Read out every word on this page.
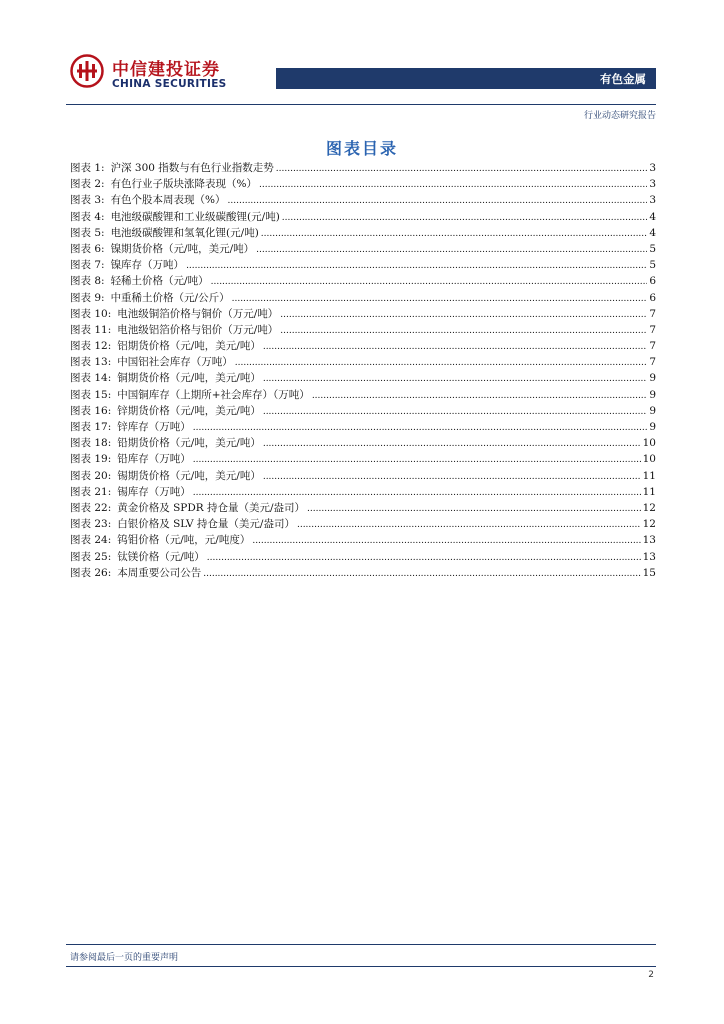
中信建投证券
CHINA SECURITIES	有色金属
行业动态研究报告
图表目录
图表 1: 沪深 300 指数与有色行业指数走势 .....	3
图表 2: 有色行业子版块涨降表现（%） .....	3
图表 3: 有色个股本周表现（%） .....	3
图表 4: 电池级碳酸锂和工业级碳酸锂(元/吨) .....	4
图表 5: 电池级碳酸锂和氢氧化锂(元/吨) .....	4
图表 6: 镍期货价格（元/吨，美元/吨） .....	5
图表 7: 镍库存（万吨） .....	5
图表 8: 轻稀土价格（元/吨） .....	6
图表 9: 中重稀土价格（元/公斤） .....	6
图表 10: 电池级铜箔价格与铜价（万元/吨） .....	7
图表 11: 电池级铝箔价格与铝价（万元/吨） .....	7
图表 12: 铝期货价格（元/吨，美元/吨） .....	7
图表 13: 中国铝社会库存（万吨） .....	7
图表 14: 铜期货价格（元/吨，美元/吨） .....	9
图表 15: 中国铜库存（上期所+社会库存）（万吨） .....	9
图表 16: 锌期货价格（元/吨，美元/吨） .....	9
图表 17: 锌库存（万吨） .....	9
图表 18: 铅期货价格（元/吨，美元/吨） .....	10
图表 19: 铅库存（万吨） .....	10
图表 20: 锡期货价格（元/吨，美元/吨） .....	11
图表 21: 锡库存（万吨） .....	11
图表 22: 黄金价格及 SPDR 持仓量（美元/盎司） .....	12
图表 23: 白银价格及 SLV 持仓量（美元/盎司） .....	12
图表 24: 钨钼价格（元/吨，元/吨度） .....	13
图表 25: 钛镁价格（元/吨） .....	13
图表 26: 本周重要公司公告 .....	15
请参阅最后一页的重要声明
2
